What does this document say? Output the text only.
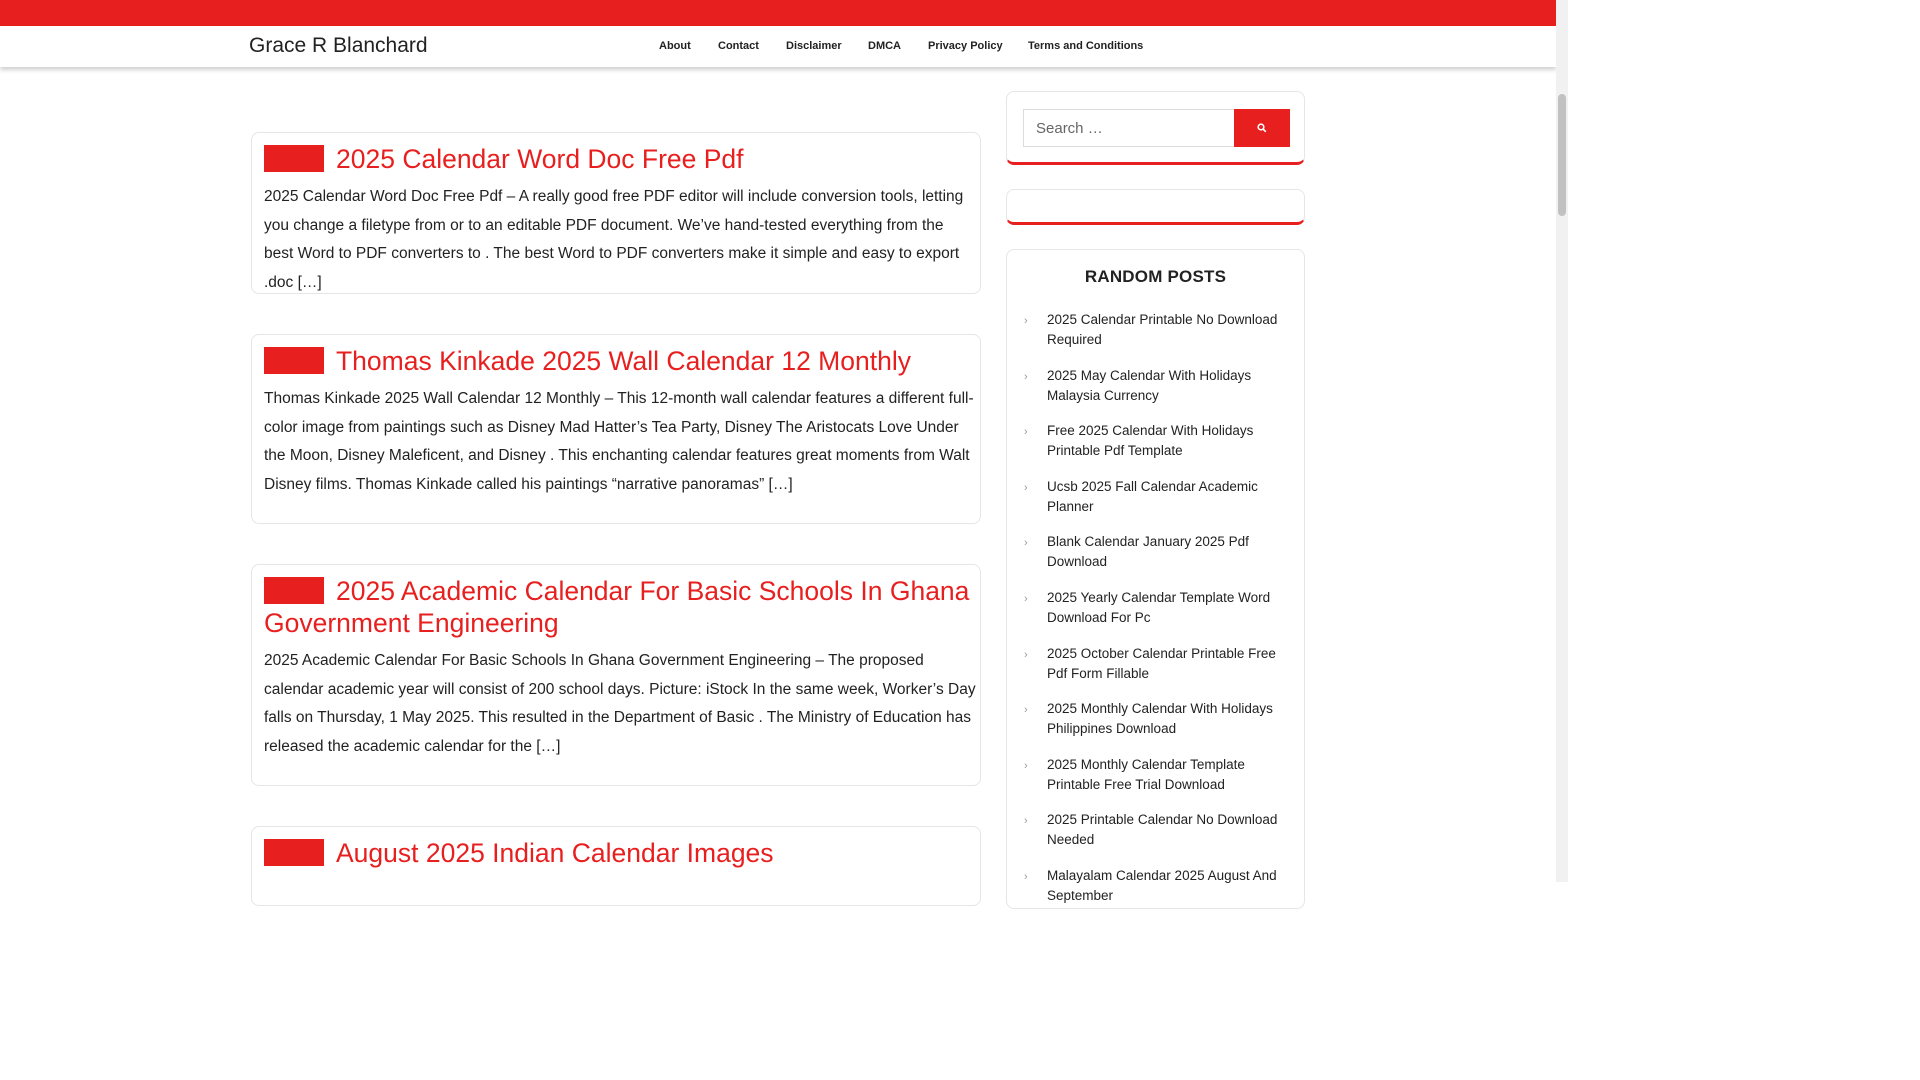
Grace R Blanchard	About Contact Disclaimer DMCA Privacy Policy Terms and Conditions
2025 Calendar Word Doc Free Pdf

2025 Calendar Word Doc Free Pdf – A really good free PDF editor will include conversion tools, letting you change a filetype from or to an editable PDF document. We’ve hand-tested everything from the best Word to PDF converters to . The best Word to PDF converters make it simple and easy to export .doc […]

Thomas Kinkade 2025 Wall Calendar 12 Monthly

Thomas Kinkade 2025 Wall Calendar 12 Monthly – This 12-month wall calendar features a different full-color image from paintings such as Disney Mad Hatter’s Tea Party, Disney The Aristocats Love Under the Moon, Disney Maleficent, and Disney . This enchanting calendar features great moments from Walt Disney films. Thomas Kinkade called his paintings “narrative panoramas” […]

2025 Academic Calendar For Basic Schools In Ghana Government Engineering

2025 Academic Calendar For Basic Schools In Ghana Government Engineering – The proposed calendar academic year will consist of 200 school days. Picture: iStock In the same week, Worker’s Day falls on Thursday, 1 May 2025. This resulted in the Department of Basic . The Ministry of Education has released the academic calendar for the […]

August 2025 Indian Calendar Images
Search …
RANDOM POSTS
› 2025 Calendar Printable No Download Required
› 2025 May Calendar With Holidays Malaysia Currency
› Free 2025 Calendar With Holidays Printable Pdf Template
› Ucsb 2025 Fall Calendar Academic Planner
› Blank Calendar January 2025 Pdf Download
› 2025 Yearly Calendar Template Word Download For Pc
› 2025 October Calendar Printable Free Pdf Form Fillable
› 2025 Monthly Calendar With Holidays Philippines Download
› 2025 Monthly Calendar Template Printable Free Trial Download
› 2025 Printable Calendar No Download Needed
› Malayalam Calendar 2025 August And September
